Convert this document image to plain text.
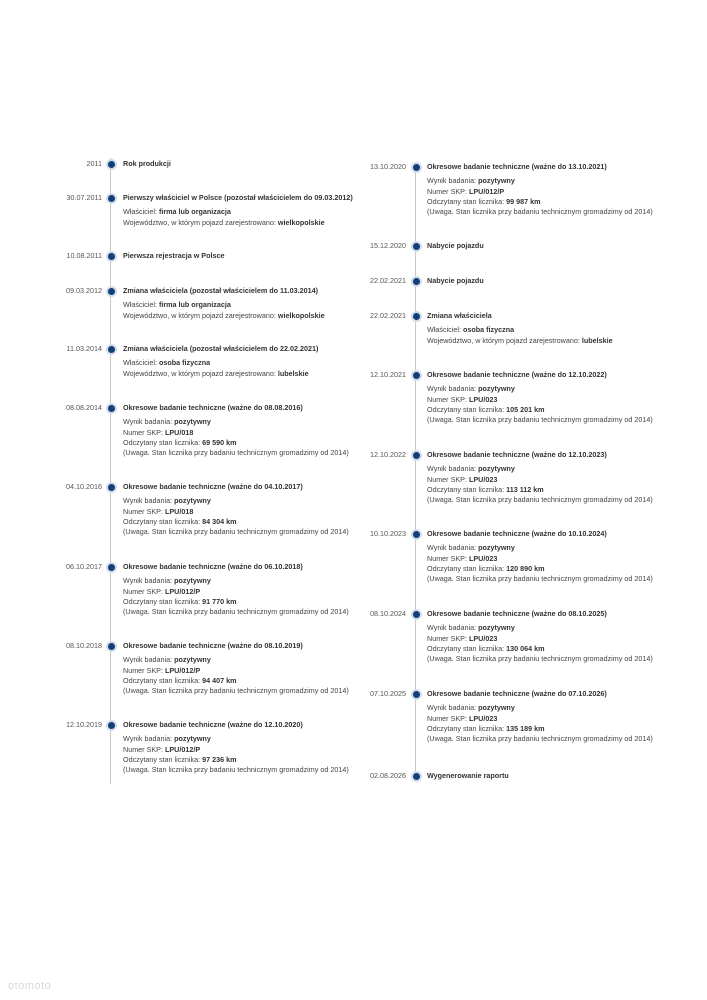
2011	Rok produkcji
30.07.2011	Pierwszy właściciel w Polsce (pozostał właścicielem do 09.03.2012)
Właściciel: firma lub organizacja
Województwo, w którym pojazd zarejestrowano: wielkopolskie
10.08.2011	Pierwsza rejestracja w Polsce
09.03.2012	Zmiana właściciela (pozostał właścicielem do 11.03.2014)
Właściciel: firma lub organizacja
Województwo, w którym pojazd zarejestrowano: wielkopolskie
11.03.2014	Zmiana właściciela (pozostał właścicielem do 22.02.2021)
Właściciel: osoba fizyczna
Województwo, w którym pojazd zarejestrowano: lubelskie
08.08.2014	Okresowe badanie techniczne (ważne do 08.08.2016)
Wynik badania: pozytywny
Numer SKP: LPU/018
Odczytany stan licznika: 69 590 km
(Uwaga. Stan licznika przy badaniu technicznym gromadzimy od 2014)
04.10.2016	Okresowe badanie techniczne (ważne do 04.10.2017)
Wynik badania: pozytywny
Numer SKP: LPU/018
Odczytany stan licznika: 84 304 km
(Uwaga. Stan licznika przy badaniu technicznym gromadzimy od 2014)
06.10.2017	Okresowe badanie techniczne (ważne do 06.10.2018)
Wynik badania: pozytywny
Numer SKP: LPU/012/P
Odczytany stan licznika: 91 770 km
(Uwaga. Stan licznika przy badaniu technicznym gromadzimy od 2014)
08.10.2018	Okresowe badanie techniczne (ważne do 08.10.2019)
Wynik badania: pozytywny
Numer SKP: LPU/012/P
Odczytany stan licznika: 94 407 km
(Uwaga. Stan licznika przy badaniu technicznym gromadzimy od 2014)
12.10.2019	Okresowe badanie techniczne (ważne do 12.10.2020)
Wynik badania: pozytywny
Numer SKP: LPU/012/P
Odczytany stan licznika: 97 236 km
(Uwaga. Stan licznika przy badaniu technicznym gromadzimy od 2014)
13.10.2020	Okresowe badanie techniczne (ważne do 13.10.2021)
Wynik badania: pozytywny
Numer SKP: LPU/012/P
Odczytany stan licznika: 99 987 km
(Uwaga. Stan licznika przy badaniu technicznym gromadzimy od 2014)
15.12.2020	Nabycie pojazdu
22.02.2021	Nabycie pojazdu
22.02.2021	Zmiana właściciela
Właściciel: osoba fizyczna
Województwo, w którym pojazd zarejestrowano: lubelskie
12.10.2021	Okresowe badanie techniczne (ważne do 12.10.2022)
Wynik badania: pozytywny
Numer SKP: LPU/023
Odczytany stan licznika: 105 201 km
(Uwaga. Stan licznika przy badaniu technicznym gromadzimy od 2014)
12.10.2022	Okresowe badanie techniczne (ważne do 12.10.2023)
Wynik badania: pozytywny
Numer SKP: LPU/023
Odczytany stan licznika: 113 112 km
(Uwaga. Stan licznika przy badaniu technicznym gromadzimy od 2014)
10.10.2023	Okresowe badanie techniczne (ważne do 10.10.2024)
Wynik badania: pozytywny
Numer SKP: LPU/023
Odczytany stan licznika: 120 890 km
(Uwaga. Stan licznika przy badaniu technicznym gromadzimy od 2014)
08.10.2024	Okresowe badanie techniczne (ważne do 08.10.2025)
Wynik badania: pozytywny
Numer SKP: LPU/023
Odczytany stan licznika: 130 064 km
(Uwaga. Stan licznika przy badaniu technicznym gromadzimy od 2014)
07.10.2025	Okresowe badanie techniczne (ważne do 07.10.2026)
Wynik badania: pozytywny
Numer SKP: LPU/023
Odczytany stan licznika: 135 189 km
(Uwaga. Stan licznika przy badaniu technicznym gromadzimy od 2014)
02.08.2026	Wygenerowanie raportu
otomoto
